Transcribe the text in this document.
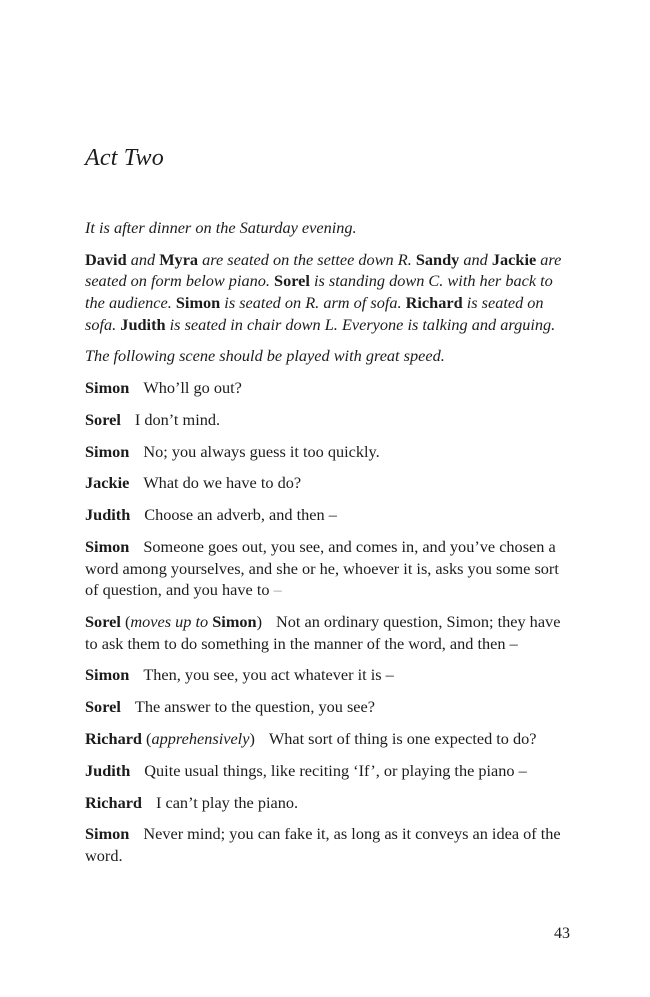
Act Two

It is after dinner on the Saturday evening.

David and Myra are seated on the settee down R. Sandy and Jackie are seated on form below piano. Sorel is standing down C. with her back to the audience. Simon is seated on R. arm of sofa. Richard is seated on sofa. Judith is seated in chair down L. Everyone is talking and arguing.

The following scene should be played with great speed.

Simon Who’ll go out?

Sorel I don’t mind.

Simon No; you always guess it too quickly.

Jackie What do we have to do?

Judith Choose an adverb, and then –

Simon Someone goes out, you see, and comes in, and you’ve chosen a word among yourselves, and she or he, whoever it is, asks you some sort of question, and you have to –

Sorel (moves up to Simon) Not an ordinary question, Simon; they have to ask them to do something in the manner of the word, and then –

Simon Then, you see, you act whatever it is –

Sorel The answer to the question, you see?

Richard (apprehensively) What sort of thing is one expected to do?

Judith Quite usual things, like reciting ‘If’, or playing the piano –

Richard I can’t play the piano.

Simon Never mind; you can fake it, as long as it conveys an idea of the word.

43
